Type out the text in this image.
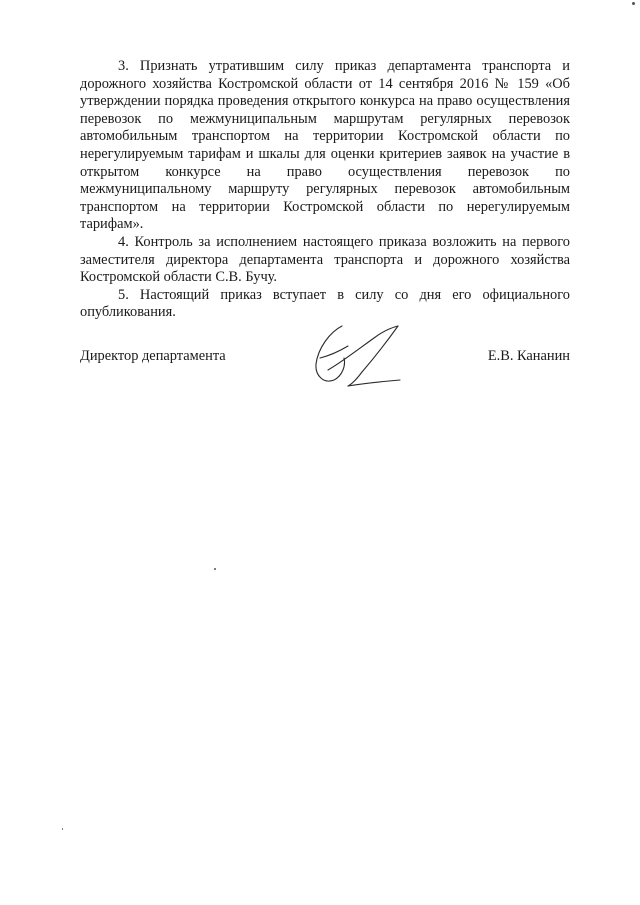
3. Признать утратившим силу приказ департамента транспорта и дорожного хозяйства Костромской области от 14 сентября 2016 № 159 «Об утверждении порядка проведения открытого конкурса на право осуществления перевозок по межмуниципальным маршрутам регулярных перевозок автомобильным транспортом на территории Костромской области по нерегулируемым тарифам и шкалы для оценки критериев заявок на участие в открытом конкурсе на право осуществления перевозок по межмуниципальному маршруту регулярных перевозок автомобильным транспортом на территории Костромской области по нерегулируемым тарифам».

4. Контроль за исполнением настоящего приказа возложить на первого заместителя директора департамента транспорта и дорожного хозяйства Костромской области С.В. Бучу.

5. Настоящий приказ вступает в силу со дня его официального опубликования.

Директор департамента	Е.В. Кананин
